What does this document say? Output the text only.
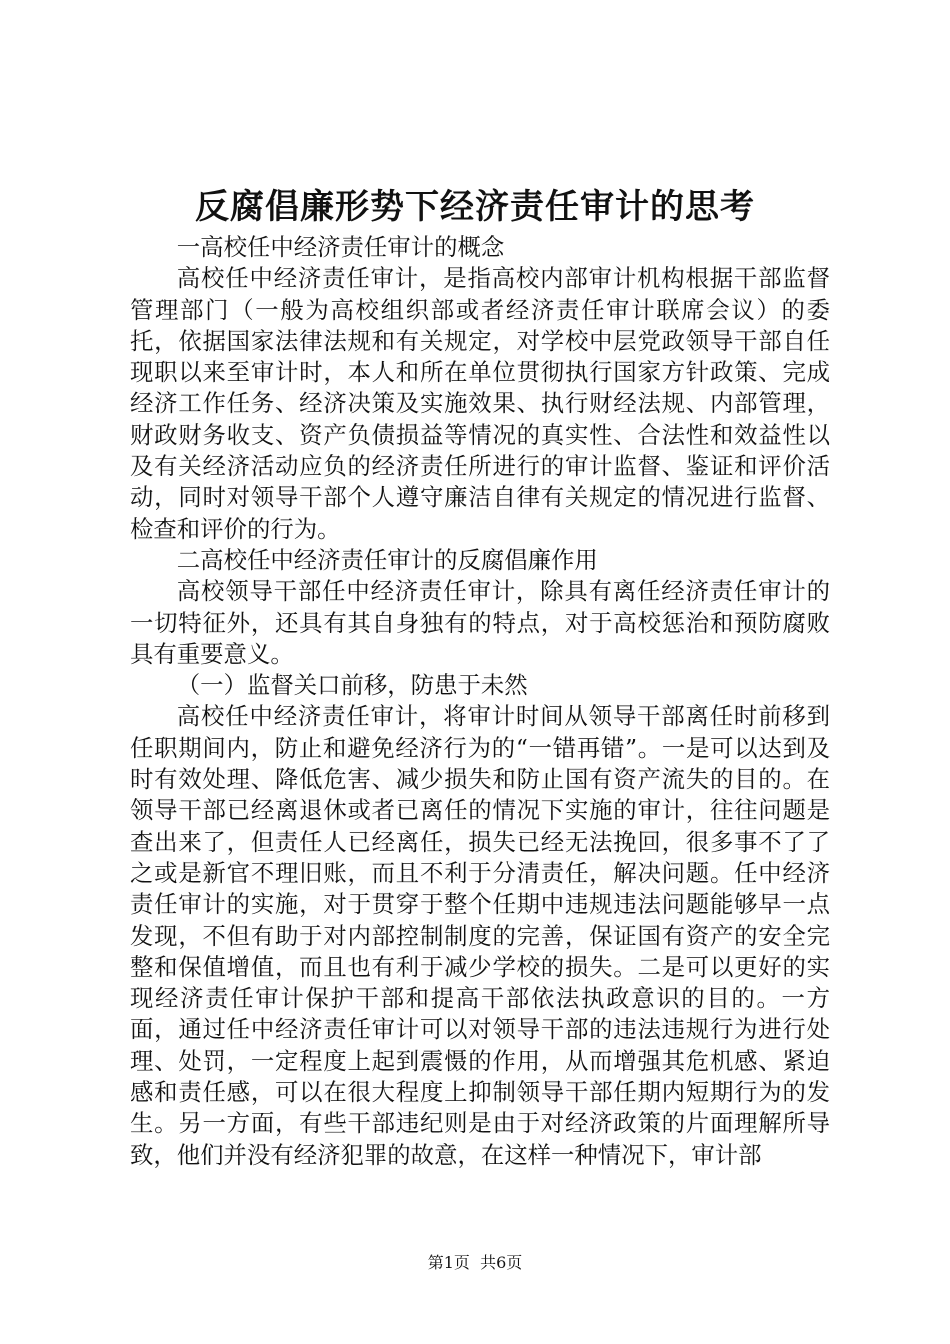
反腐倡廉形势下经济责任审计的思考

一高校任中经济责任审计的概念

高校任中经济责任审计，是指高校内部审计机构根据干部监督管理部门（一般为高校组织部或者经济责任审计联席会议）的委托，依据国家法律法规和有关规定，对学校中层党政领导干部自任现职以来至审计时，本人和所在单位贯彻执行国家方针政策、完成经济工作任务、经济决策及实施效果、执行财经法规、内部管理，财政财务收支、资产负债损益等情况的真实性、合法性和效益性以及有关经济活动应负的经济责任所进行的审计监督、鉴证和评价活动，同时对领导干部个人遵守廉洁自律有关规定的情况进行监督、检查和评价的行为。

二高校任中经济责任审计的反腐倡廉作用

高校领导干部任中经济责任审计，除具有离任经济责任审计的一切特征外，还具有其自身独有的特点，对于高校惩治和预防腐败具有重要意义。

（一）监督关口前移，防患于未然

高校任中经济责任审计，将审计时间从领导干部离任时前移到任职期间内，防止和避免经济行为的“一错再错”。一是可以达到及时有效处理、降低危害、减少损失和防止国有资产流失的目的。在领导干部已经离退休或者已离任的情况下实施的审计，往往问题是查出来了，但责任人已经离任，损失已经无法挽回，很多事不了了之或是新官不理旧账，而且不利于分清责任，解决问题。任中经济责任审计的实施，对于贯穿于整个任期中违规违法问题能够早一点发现，不但有助于对内部控制制度的完善，保证国有资产的安全完整和保值增值，而且也有利于减少学校的损失。二是可以更好的实现经济责任审计保护干部和提高干部依法执政意识的目的。一方面，通过任中经济责任审计可以对领导干部的违法违规行为进行处理、处罚，一定程度上起到震慑的作用，从而增强其危机感、紧迫感和责任感，可以在很大程度上抑制领导干部任期内短期行为的发生。另一方面，有些干部违纪则是由于对经济政策的片面理解所导致，他们并没有经济犯罪的故意，在这样一种情况下，审计部

第1页 共6页
